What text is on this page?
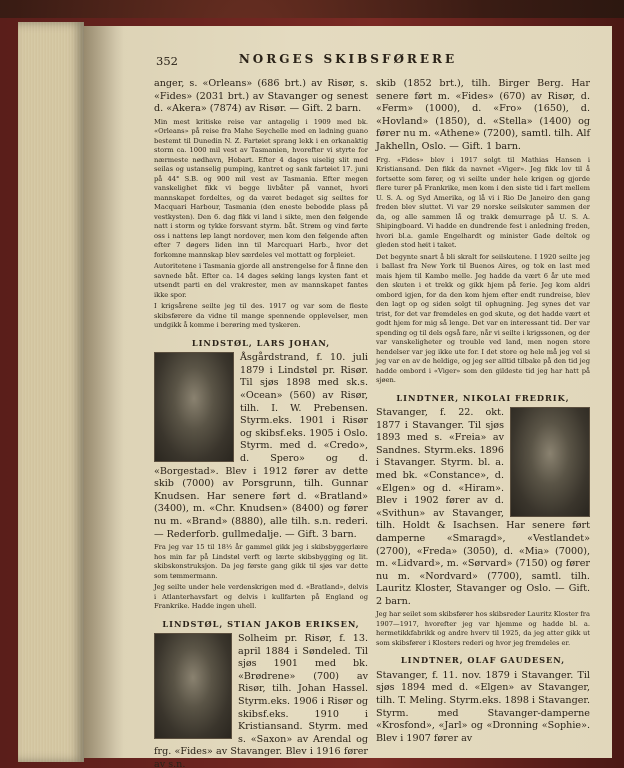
352	NORGES SKIBSFØRERE

anger, s. «Orleans» (686 brt.) av Risør, s. «Fides» (2031 brt.) av Stavanger og senest d. «Akera» (7874) av Risør. — Gift. 2 barn.

Min mest kritiske reise var antagelig i 1909 med bk. «Orleans» på reise fra Mahe Seychelle med en ladning guano bestemt til Dunedin N. Z. Fartøiet sprang lekk i en orkanaktig storm ca. 1000 mil vest av Tasmanien, hvorefter vi styrte for nærmeste nødhavn, Hobart. Efter 4 dages uiselig slit med seilas og ustanselig pumping, kantret og sank fartøiet 17. juni på 44° S.B. og 900 mil vest av Tasmania. Efter megen vanskelighet fikk vi begge livbåter på vannet, hvori mannskapet fordeltes, og da været bedaget sig seiltes for Macquari Harbour, Tasmania (den eneste bebodde plass på vestkysten). Den 6. dag fikk vi land i sikte, men den følgende natt i storm og tykke forsvant styrm. båt. Strøm og vind førte oss i nattens løp langt nordover, men kom den følgende aften efter 7 døgers liden inn til Marcquari Harb., hvor det forkomne mannskap blev særdeles vel mottatt og forpleiet.

Autoritetene i Tasmania gjorde all anstrengelse for å finne den savnede båt. Efter ca. 14 dages søking langs kysten fant et utsendt parti en del vrakrester, men av mannskapet fantes ikke spor.

I krigsårene seilte jeg til des. 1917 og var som de fleste skibsførere da vidne til mange spennende opplevelser, men undgikk å komme i berøring med tyskeren.

LINDSTØL, LARS JOHAN,

Åsgårdstrand, f. 10. juli 1879 i Lindstøl pr. Risør. Til sjøs 1898 med sk.s. «Ocean» (560) av Risør, tilh. I. W. Prebensen. Styrm.eks. 1901 i Risør og skibsf.eks. 1905 i Oslo. Styrm. med d. «Credo», d. Spero» og d. «Borgestad». Blev i 1912 fører av dette skib (7000) av Porsgrunn, tilh. Gunnar Knudsen. Har senere ført d. «Bratland» (3400), m. «Chr. Knudsen» (8400) og fører nu m. «Brand» (8880), alle tilh. s.n. rederi. — Rederforb. gullmedalje. — Gift. 3 barn.

Fra jeg var 15 til 18½ år gammel gikk jeg i skibsbyggerlære hos min far på Lindstøl verft og lærte skibsbygging og lit. skibskonstruksjon. Da jeg første gang gikk til sjøs var dette som tømmermann.

Jeg seilte under hele verdenskrigen med d. «Bratland», delvis i Atlanterhavsfart og delvis i kullfarten på England og Frankrike. Hadde ingen uhell.

LINDSTØL, STIAN JAKOB ERIKSEN,

Solheim pr. Risør, f. 13. april 1884 i Søndeled. Til sjøs 1901 med bk. «Brødrene» (700) av Risør, tilh. Johan Hassel. Styrm.eks. 1906 i Risør og skibsf.eks. 1910 i Kristiansand. Styrm. med s. «Saxon» av Arendal og frg. «Fides» av Stavanger. Blev i 1916 fører av s.n.

skib (1852 brt.), tilh. Birger Berg. Har senere ført m. «Fides» (670) av Risør, d. «Ferm» (1000), d. «Fro» (1650), d. «Hovland» (1850), d. «Stella» (1400) og fører nu m. «Athene» (7200), samtl. tilh. Alf Jakhelln, Oslo. — Gift. 1 barn.

Frg. «Fides» blev i 1917 solgt til Mathias Hansen i Kristiansand. Den fikk da navnet «Viger». Jeg fikk lov til å fortsette som fører, og vi seilte under hele krigen og gjorde flere turer på Frankrike, men kom i den siste tid i fart mellem U. S. A. og Syd Amerika, og lå vi i Rio De Janeiro den gang freden blev sluttet. Vi var 29 norske seilskuter sammen der da, og alle sammen lå og trakk demurrage på U. S. A. Shipingboard. Vi hadde en dundrende fest i anledning freden, hvori bl.a. gamle Engelhardt og minister Gade deltok og gleden stod høit i taket.

Det begynte snart å bli skralt for seilskutene. I 1920 seilte jeg i ballast fra New York til Buenos Aires, og tok en last med mais hjem til Kambo melle. Jeg hadde da vært 6 år ute med den skuten i et trekk og gikk hjem på ferie. Jeg kom aldri ombord igjen, for da den kom hjem efter endt rundreise, blev den lagt op og siden solgt til ophugning. Jeg synes det var trist, for det var fremdeles en god skute, og det hadde vært et godt hjem for mig så lenge. Det var en interessant tid. Der var spending og til dels også fare, når vi seilte i krigssonen, og der var vanskeligheter og trouble ved land, men nogen store hendelser var jeg ikke ute for. I det store og hele må jeg vel si jeg var en av de heldige, og jeg ser alltid tilbake på den tid jeg hadde ombord i «Viger» som den gildeste tid jeg har hatt på sjøen.

LINDTNER, NIKOLAI FREDRIK,

Stavanger, f. 22. okt. 1877 i Stavanger. Til sjøs 1893 med s. «Freia» av Sandnes. Styrm.eks. 1896 i Stavanger. Styrm. bl. a. med bk. «Constance», d. «Elgen» og d. «Hiram». Blev i 1902 fører av d. «Svithun» av Stavanger, tilh. Holdt & Isachsen. Har senere ført damperne «Smaragd», «Vestlandet» (2700), «Freda» (3050), d. «Mia» (7000), m. «Lidvard», m. «Sørvard» (7150) og fører nu m. «Nordvard» (7700), samtl. tilh. Lauritz Kloster, Stavanger og Oslo. — Gift. 2 barn.

Jeg har seilet som skibsfører hos skibsreder Lauritz Kloster fra 1907—1917, hvorefter jeg var hjemme og hadde bl. a. hermetikkfabrikk og andre hverv til 1925, da jeg atter gikk ut som skibsfører i Klosters rederi og hvor jeg fremdeles er.

LINDTNER, OLAF GAUDESEN,

Stavanger, f. 11. nov. 1879 i Stavanger. Til sjøs 1894 med d. «Elgen» av Stavanger, tilh. T. Meling. Styrm.eks. 1898 i Stavanger. Styrm. med Stavanger-damperne «Krosfond», «Jarl» og «Dronning «Sophie». Blev i 1907 fører av
